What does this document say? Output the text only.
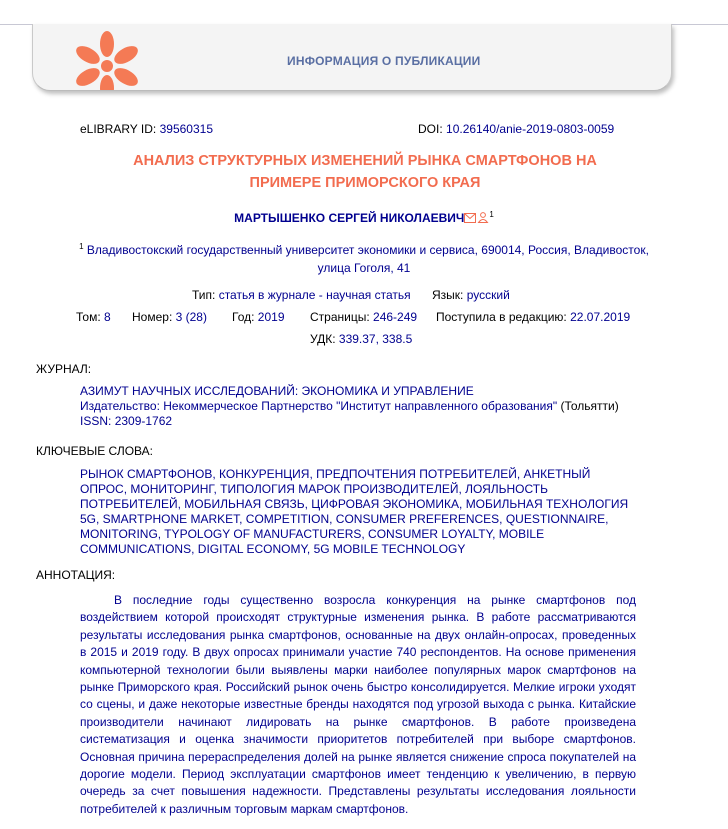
ИНФОРМАЦИЯ О ПУБЛИКАЦИИ
eLIBRARY ID: 39560315	DOI: 10.26140/anie-2019-0803-0059
АНАЛИЗ СТРУКТУРНЫХ ИЗМЕНЕНИЙ РЫНКА СМАРТФОНОВ НА ПРИМЕРЕ ПРИМОРСКОГО КРАЯ
МАРТЫШЕНКО СЕРГЕЙ НИКОЛАЕВИЧ	$^1$
$^1$ Владивостокский государственный университет экономики и сервиса, 690014, Россия, Владивосток, улица Гоголя, 41
Тип: статья в журнале - научная статья Язык: русский
Том: 8 Номер: 3 (28) Год: 2019 Страницы: 246-249 Поступила в редакцию: 22.07.2019
УДК: 339.37, 338.5
ЖУРНАЛ:
АЗИМУТ НАУЧНЫХ ИССЛЕДОВАНИЙ: ЭКОНОМИКА И УПРАВЛЕНИЕ
Издательство: Некоммерческое Партнерство "Институт направленного образования" (Тольятти)
ISSN: 2309-1762
КЛЮЧЕВЫЕ СЛОВА:
РЫНОК СМАРТФОНОВ, КОНКУРЕНЦИЯ, ПРЕДПОЧТЕНИЯ ПОТРЕБИТЕЛЕЙ, АНКЕТНЫЙ ОПРОС, МОНИТОРИНГ, ТИПОЛОГИЯ МАРОК ПРОИЗВОДИТЕЛЕЙ, ЛОЯЛЬНОСТЬ ПОТРЕБИТЕЛЕЙ, МОБИЛЬНАЯ СВЯЗЬ, ЦИФРОВАЯ ЭКОНОМИКА, МОБИЛЬНАЯ ТЕХНОЛОГИЯ 5G, SMARTPHONE MARKET, COMPETITION, CONSUMER PREFERENCES, QUESTIONNAIRE, MONITORING, TYPOLOGY OF MANUFACTURERS, CONSUMER LOYALTY, MOBILE COMMUNICATIONS, DIGITAL ECONOMY, 5G MOBILE TECHNOLOGY
АННОТАЦИЯ:
В последние годы существенно возросла конкуренция на рынке смартфонов под воздействием которой происходят структурные изменения рынка. В работе рассматриваются результаты исследования рынка смартфонов, основанные на двух онлайн-опросах, проведенных в 2015 и 2019 году. В двух опросах принимали участие 740 респондентов. На основе применения компьютерной технологии были выявлены марки наиболее популярных марок смартфонов на рынке Приморского края. Российский рынок очень быстро консолидируется. Мелкие игроки уходят со сцены, и даже некоторые известные бренды находятся под угрозой выхода с рынка. Китайские производители начинают лидировать на рынке смартфонов. В работе произведена систематизация и оценка значимости приоритетов потребителей при выборе смартфонов. Основная причина перераспределения долей на рынке является снижение спроса покупателей на дорогие модели. Период эксплуатации смартфонов имеет тенденцию к увеличению, в первую очередь за счет повышения надежности. Представлены результаты исследования лояльности потребителей к различным торговым маркам смартфонов.
